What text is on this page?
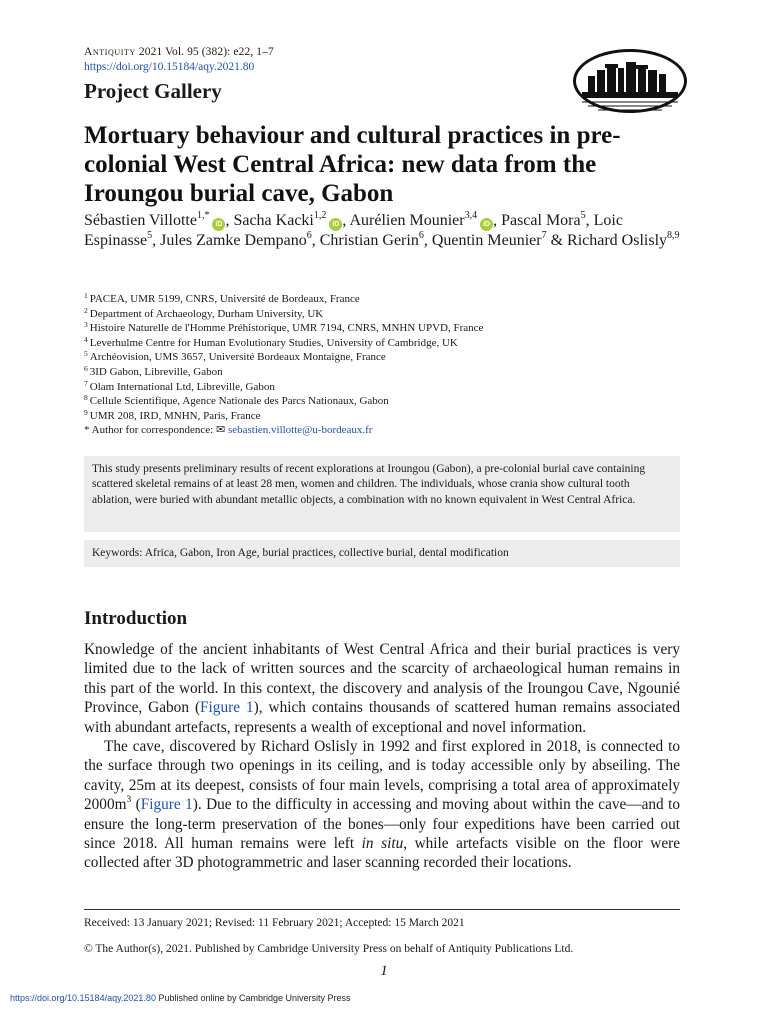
Antiquity 2021 Vol. 95 (382): e22, 1–7
https://doi.org/10.15184/aqy.2021.80
Project Gallery
Mortuary behaviour and cultural practices in pre-colonial West Central Africa: new data from the Iroungou burial cave, Gabon
Sébastien Villotte$^{1,*}$iD , Sacha Kacki$^{1,2}$iD , Aurélien Mounier$^{3,4}$iD , Pascal Mora$^5$, Loic Espinasse$^5$, Jules Zamke Dempano$^6$, Christian Gerin$^6$, Quentin Meunier$^7$ & Richard Oslisly$^{8,9}$
$^1$ PACEA, UMR 5199, CNRS, Université de Bordeaux, France
$^2$ Department of Archaeology, Durham University, UK
$^3$ Histoire Naturelle de l'Homme Préhistorique, UMR 7194, CNRS, MNHN UPVD, France
$^4$ Leverhulme Centre for Human Evolutionary Studies, University of Cambridge, UK
$^5$ Archéovision, UMS 3657, Université Bordeaux Montaigne, France
$^6$ 3ID Gabon, Libreville, Gabon
$^7$ Olam International Ltd, Libreville, Gabon
$^8$ Cellule Scientifique, Agence Nationale des Parcs Nationaux, Gabon
$^9$ UMR 208, IRD, MNHN, Paris, France
* Author for correspondence: ✉ sebastien.villotte@u-bordeaux.fr
This study presents preliminary results of recent explorations at Iroungou (Gabon), a pre-colonial burial cave containing scattered skeletal remains of at least 28 men, women and children. The individuals, whose crania show cultural tooth ablation, were buried with abundant metallic objects, a combination with no known equivalent in West Central Africa.
Keywords: Africa, Gabon, Iron Age, burial practices, collective burial, dental modification
Introduction

Knowledge of the ancient inhabitants of West Central Africa and their burial practices is very limited due to the lack of written sources and the scarcity of archaeological human remains in this part of the world. In this context, the discovery and analysis of the Iroungou Cave, Ngounié Province, Gabon (Figure 1), which contains thousands of scattered human remains associated with abundant artefacts, represents a wealth of exceptional and novel information.

The cave, discovered by Richard Oslisly in 1992 and first explored in 2018, is connected to the surface through two openings in its ceiling, and is today accessible only by abseiling. The cavity, 25m at its deepest, consists of four main levels, comprising a total area of approximately $2000m^3$ (Figure 1). Due to the difficulty in accessing and moving about within the cave—and to ensure the long-term preservation of the bones—only four expeditions have been carried out since 2018. All human remains were left in situ, while artefacts visible on the floor were collected after 3D photogrammetric and laser scanning recorded their locations.

Received: 13 January 2021; Revised: 11 February 2021; Accepted: 15 March 2021
© The Author(s), 2021. Published by Cambridge University Press on behalf of Antiquity Publications Ltd.
1
https://doi.org/10.15184/aqy.2021.80 Published online by Cambridge University Press
